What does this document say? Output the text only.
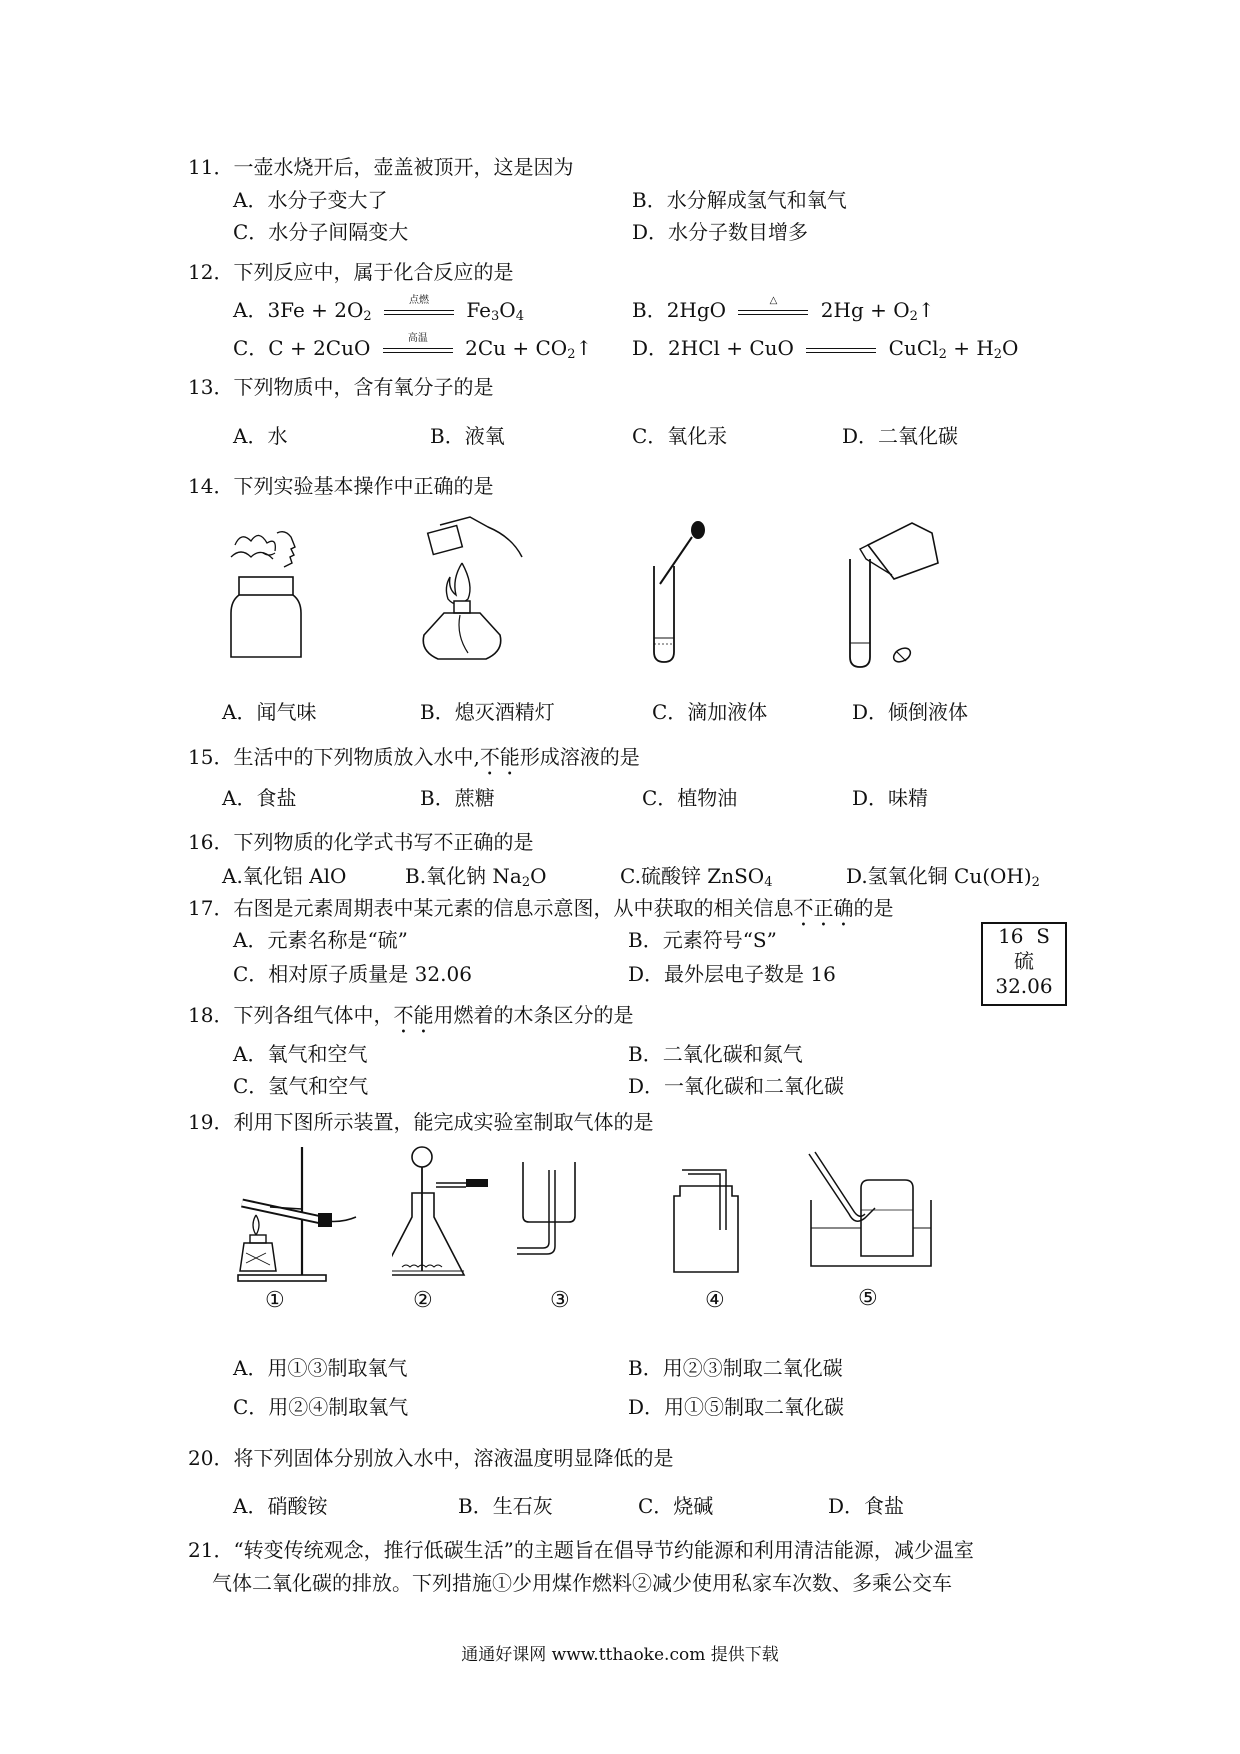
11．一壶水烧开后，壶盖被顶开，这是因为
A．水分子变大了	B．水分解成氢气和氧气
C．水分子间隔变大	D．水分子数目增多
12．下列反应中，属于化合反应的是
A．$3Fe + 2O_2$
点燃	$Fe_3O_4$	B．2HgO	△	$2Hg + O_2↑$
C．C + 2CuO	高温	$2Cu + CO_2↑$ D．2HCl + CuO	CuCl$_2$ + $H_2O$
13．下列物质中，含有氧分子的是
A．水	B．液氧	C．氧化汞	D．二氧化碳
14．下列实验基本操作中正确的是
A．闻气味	B．熄灭酒精灯	C．滴加液体	D．倾倒液体
15．生活中的下列物质放入水中,不能形成溶液的是
A．食盐	B．蔗糖	C．植物油	D．味精
16．下列物质的化学式书写不正确的是
A.氧化铝 AlO	B.氧化钠 $Na_2O$	C.硫酸锌 ZnSO$_4$	D.氢氧化铜 $Cu(OH)_2$
17．右图是元素周期表中某元素的信息示意图，从中获取的相关信息不正确的是
A．元素名称是“硫”	B．元素符号“S”
C．相对原子质量是 32.06	D．最外层电子数是 16
16 S
硫
32.06
18．下列各组气体中，不能用燃着的木条区分的是
A．氧气和空气	B．二氧化碳和氮气
C．氢气和空气	D．一氧化碳和二氧化碳
19．利用下图所示装置，能完成实验室制取气体的是
①	②	③	④	⑤
A．用①③制取氧气	B．用②③制取二氧化碳
C．用②④制取氧气	D．用①⑤制取二氧化碳
20．将下列固体分别放入水中，溶液温度明显降低的是
A．硝酸铵	B．生石灰	C．烧碱	D．食盐
21．“转变传统观念，推行低碳生活”的主题旨在倡导节约能源和利用清洁能源，减少温室
气体二氧化碳的排放。下列措施①少用煤作燃料②减少使用私家车次数、多乘公交车
通通好课网 www.tthaoke.com 提供下载
